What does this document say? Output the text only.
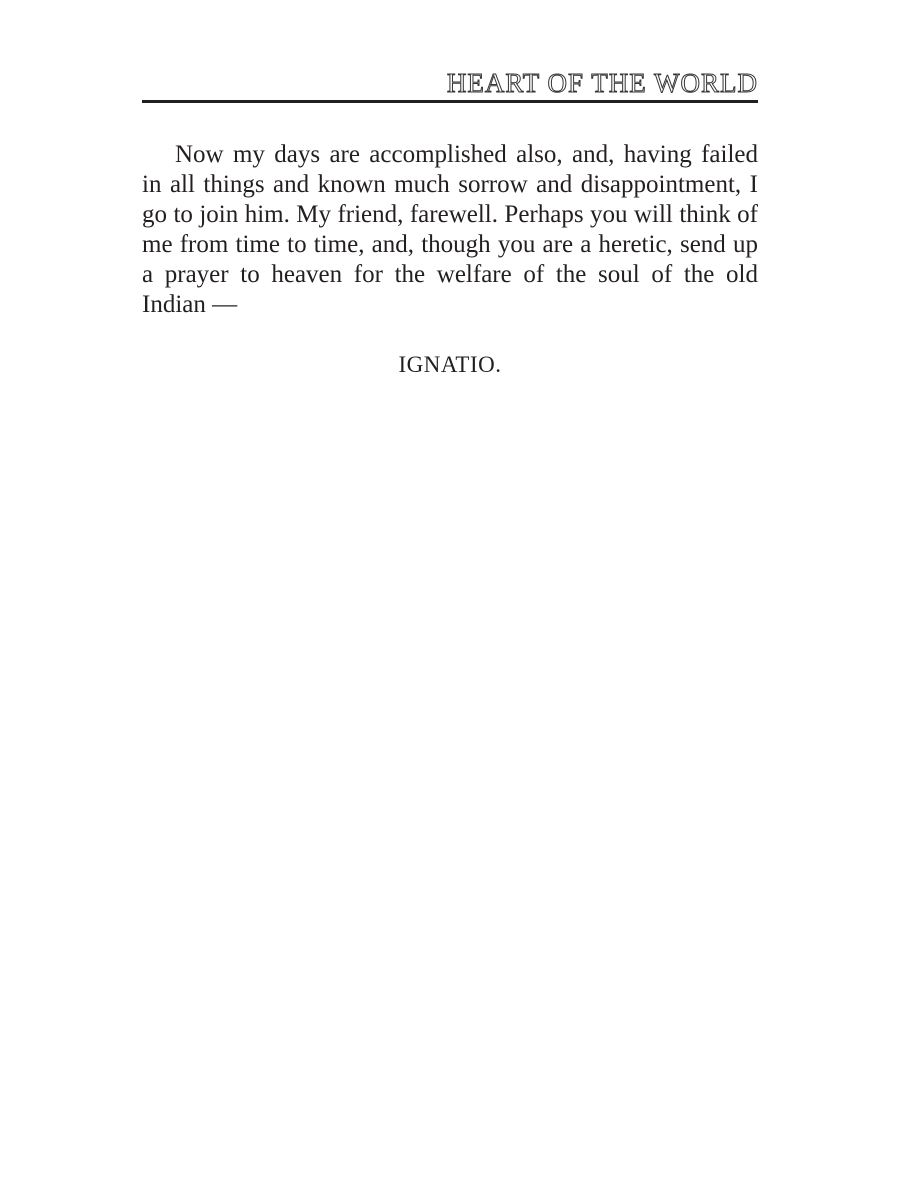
HEART OF THE WORLD

Now my days are accomplished also, and, having failed in all things and known much sorrow and disappointment, I go to join him. My friend, farewell. Perhaps you will think of me from time to time, and, though you are a heretic, send up a prayer to heaven for the welfare of the soul of the old Indian —

IGNATIO.
